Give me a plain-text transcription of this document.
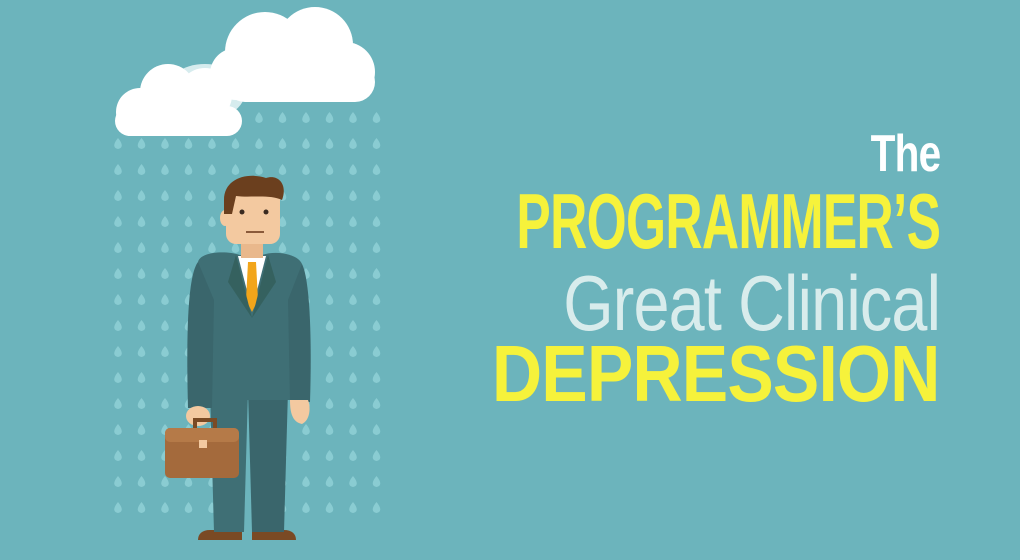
The
PROGRAMMER’S
Great Clinical
DEPRESSION
